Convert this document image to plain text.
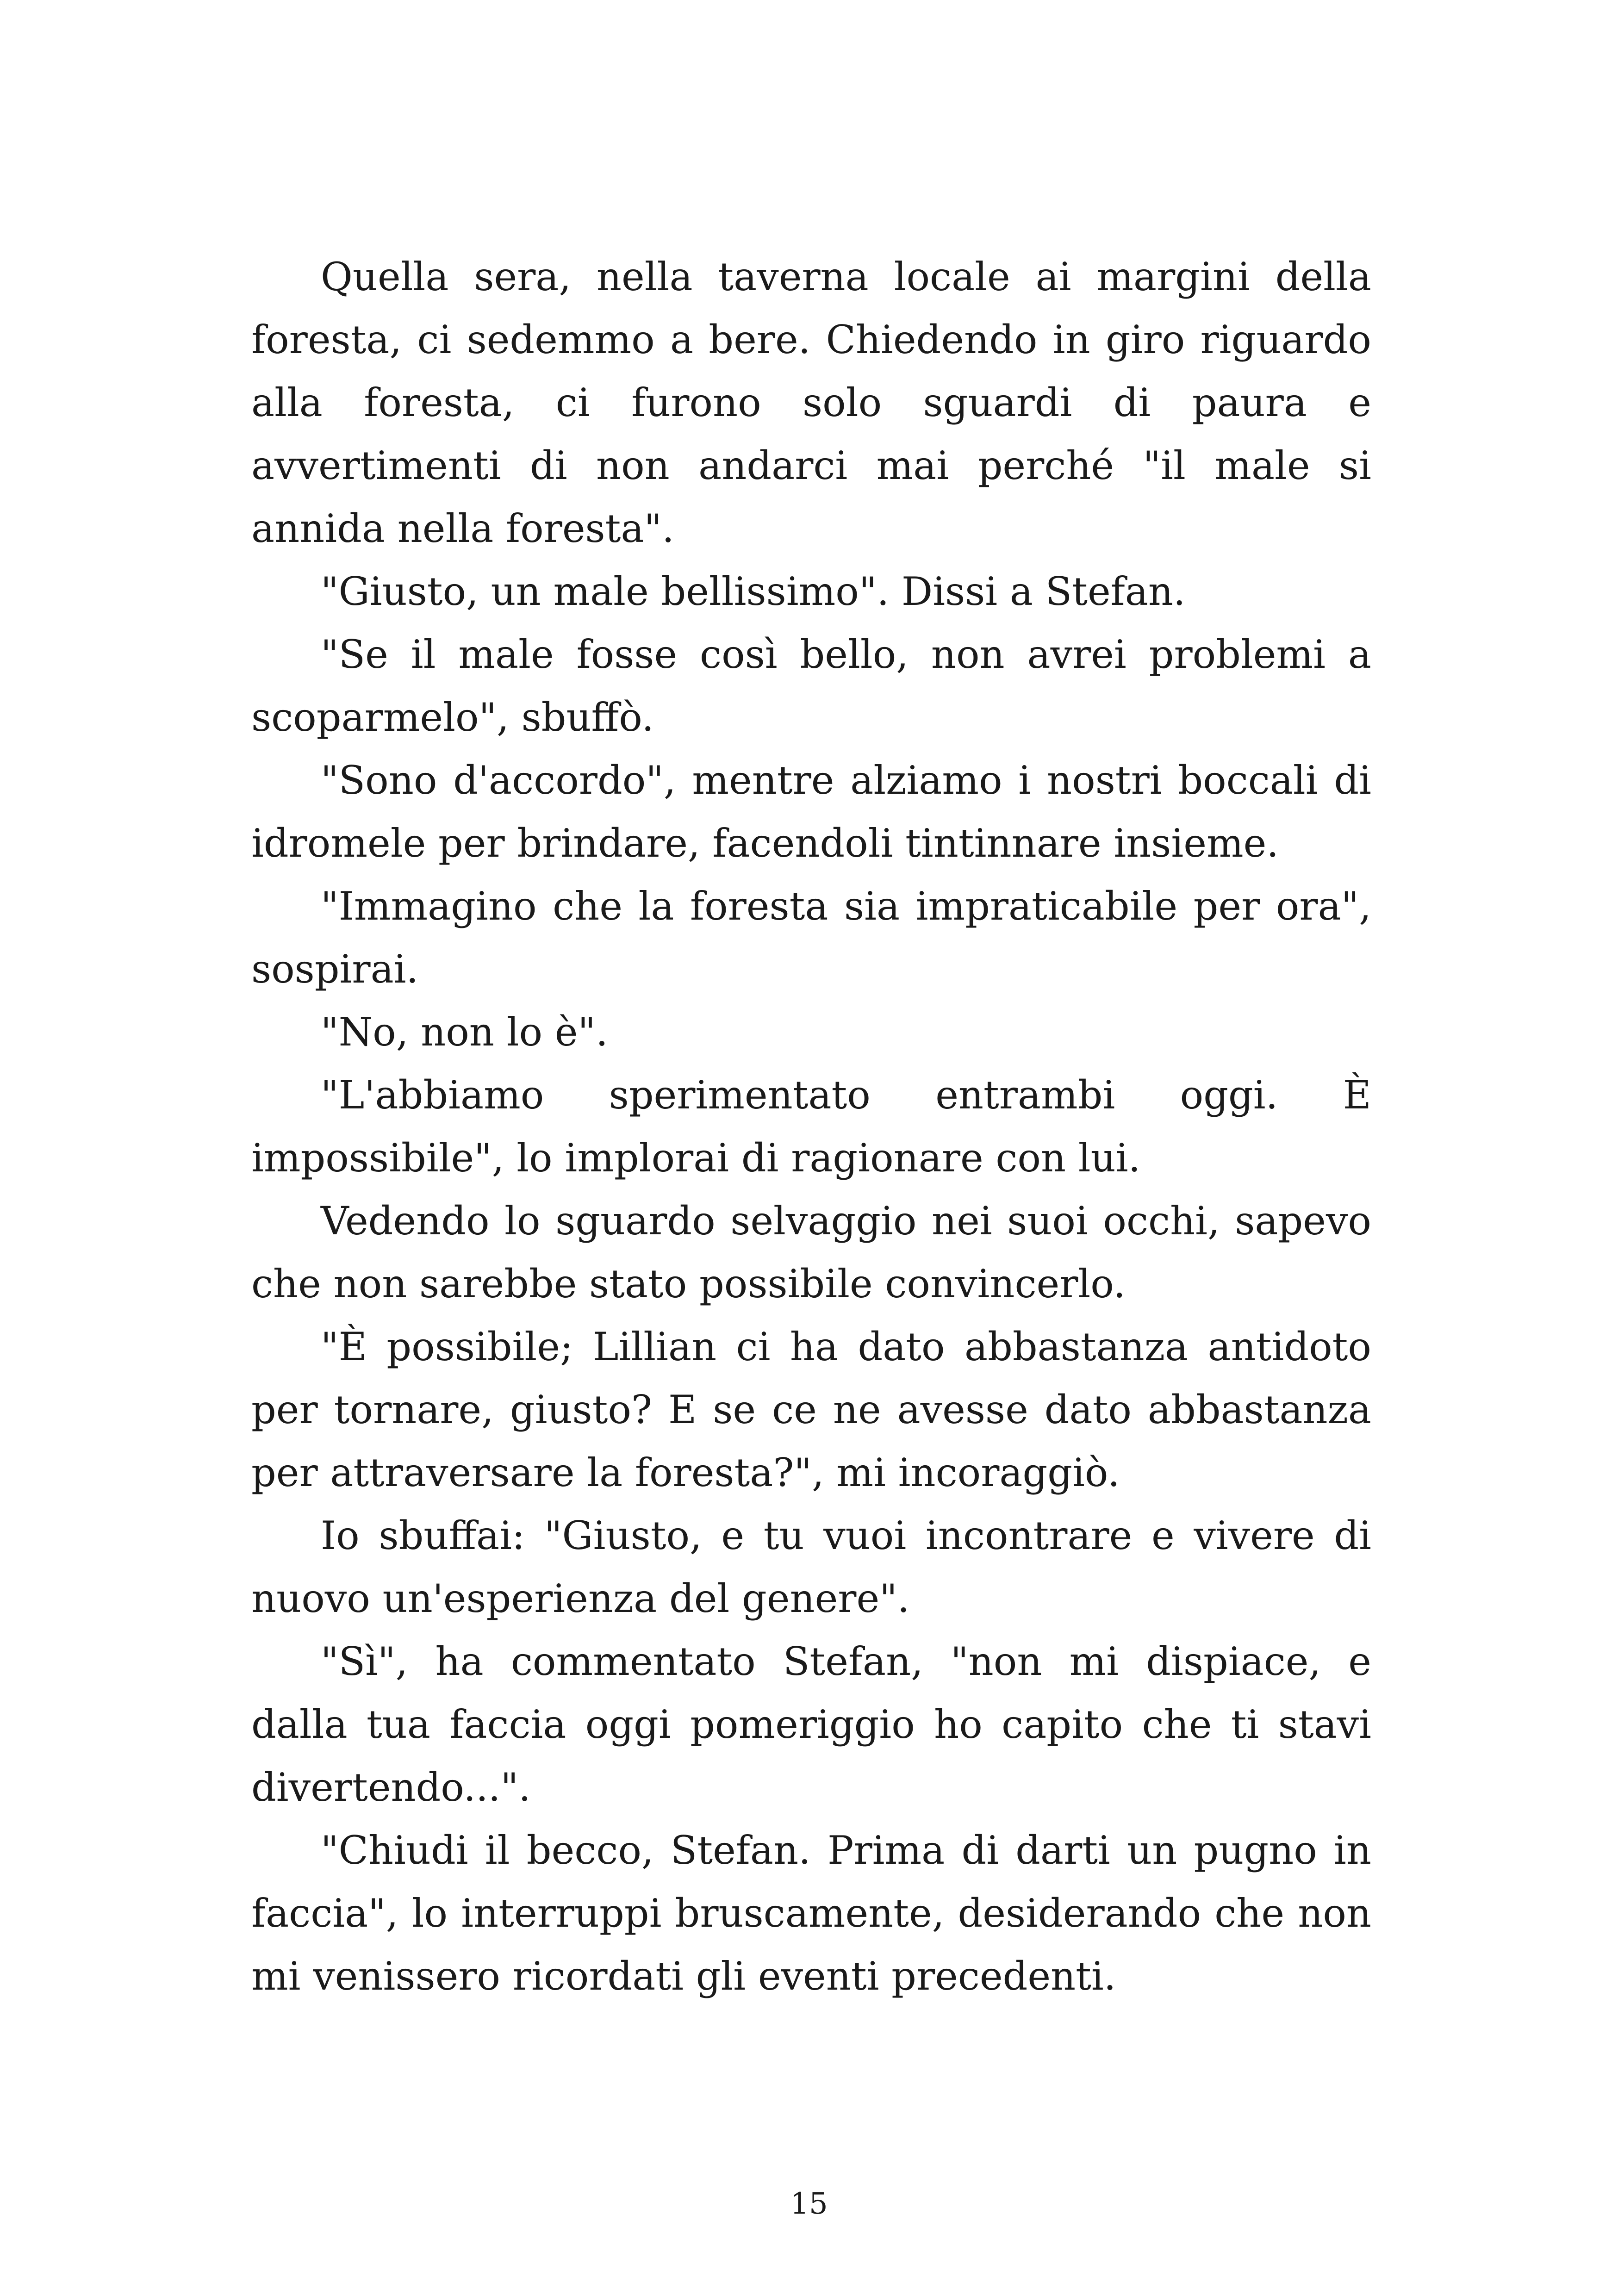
Quella sera, nella taverna locale ai margini della foresta, ci sedemmo a bere. Chiedendo in giro riguardo alla foresta, ci furono solo sguardi di paura e avvertimenti di non andarci mai perché "il male si annida nella foresta".

"Giusto, un male bellissimo". Dissi a Stefan.

"Se il male fosse così bello, non avrei problemi a scoparmelo", sbuffò.

"Sono d'accordo", mentre alziamo i nostri boccali di idromele per brindare, facendoli tintinnare insieme.

"Immagino che la foresta sia impraticabile per ora", sospirai.

"No, non lo è".

"L'abbiamo sperimentato entrambi oggi. È impossibile", lo implorai di ragionare con lui.

Vedendo lo sguardo selvaggio nei suoi occhi, sapevo che non sarebbe stato possibile convincerlo.

"È possibile; Lillian ci ha dato abbastanza antidoto per tornare, giusto? E se ce ne avesse dato abbastanza per attraversare la foresta?", mi incoraggiò.

Io sbuffai: "Giusto, e tu vuoi incontrare e vivere di nuovo un'esperienza del genere".

"Sì", ha commentato Stefan, "non mi dispiace, e dalla tua faccia oggi pomeriggio ho capito che ti stavi divertendo...".

"Chiudi il becco, Stefan. Prima di darti un pugno in faccia", lo interruppi bruscamente, desiderando che non mi venissero ricordati gli eventi precedenti.

15
